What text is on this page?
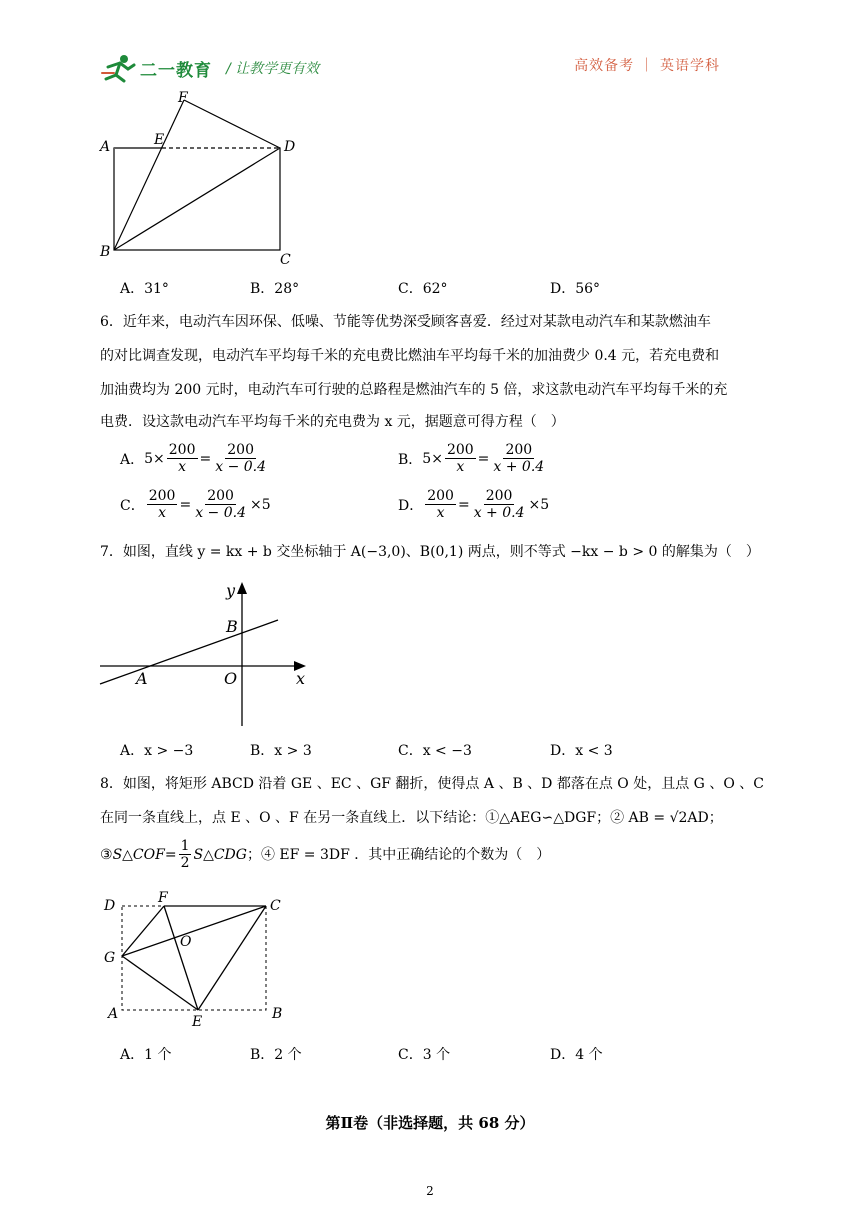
二一教育 / 让教学更有效	高效备考 ｜ 英语学科
F
A	E	D
B	C
A．31°	B．28°	C．62°	D．56°
6．近年来，电动汽车因环保、低噪、节能等优势深受顾客喜爱．经过对某款电动汽车和某款燃油车
的对比调查发现，电动汽车平均每千米的充电费比燃油车平均每千米的加油费少 0.4 元，若充电费和
加油费均为 200 元时，电动汽车可行驶的总路程是燃油汽车的 5 倍，求这款电动汽车平均每千米的充
电费．设这款电动汽车平均每千米的充电费为 x 元，据题意可得方程（　）
A． $5\times \frac{200}{x} = \frac{200}{x - 0.4}$	B． $5\times \frac{200}{x} = \frac{200}{x + 0.4}$
C． $\frac{200}{x} = \frac{200}{x - 0.4} \times 5$	D． $\frac{200}{x} = \frac{200}{x + 0.4} \times 5$
7．如图，直线 y = kx + b 交坐标轴于 A(−3,0)、B(0,1) 两点，则不等式 −kx − b > 0 的解集为（　）
y
B
A	O	x
A．x > −3	B．x > 3	C．x < −3	D．x < 3
8．如图，将矩形 ABCD 沿着 GE 、EC 、GF 翻折，使得点 A 、B 、D 都落在点 O 处，且点 G 、O 、C
在同一条直线上，点 E 、O 、F 在另一条直线上．以下结论：①△AEG∽△DGF；② AB = √2AD；
③ S△COF = $\frac{1}{2}$ S△CDG ；④ EF = 3DF ．其中正确结论的个数为（　）
D	F	C
O
G
A	E	B
A．1 个	B．2 个	C．3 个	D．4 个
第Ⅱ卷（非选择题，共 68 分）
2
